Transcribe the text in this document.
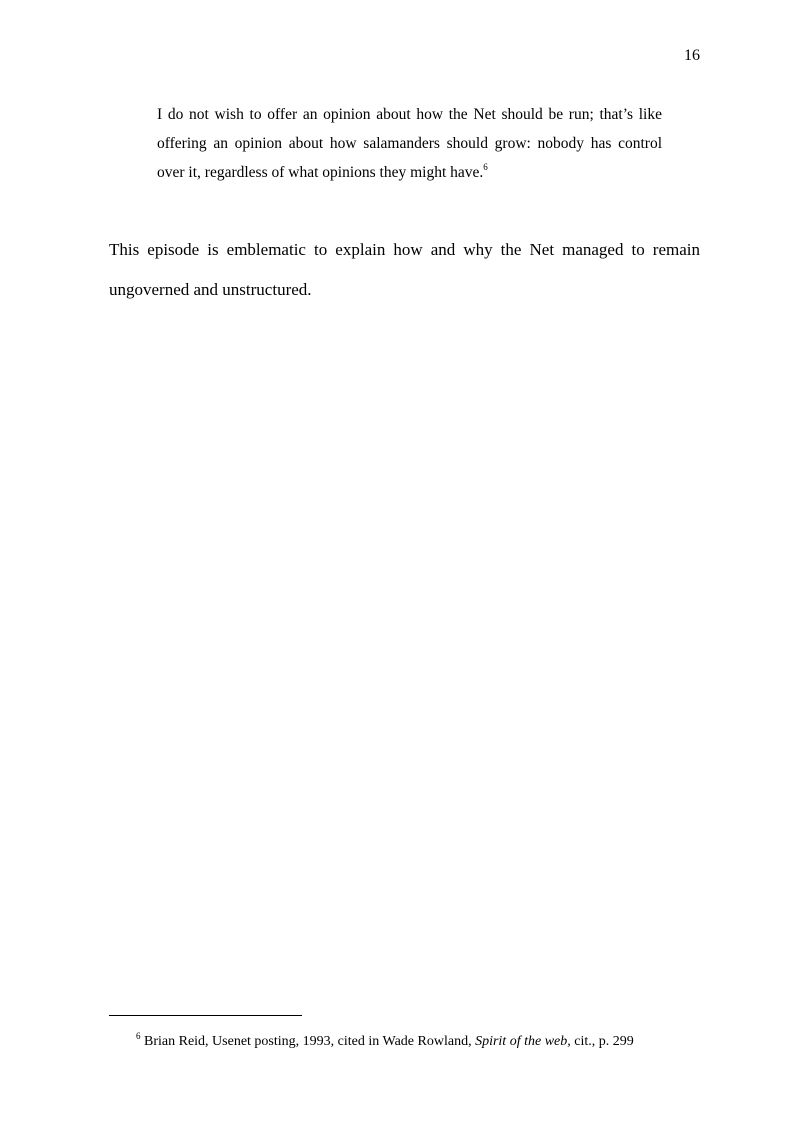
16
I do not wish to offer an opinion about how the Net should be run; that’s like
offering an opinion about how salamanders should grow: nobody has control
over it, regardless of what opinions they might have.$^6$
This episode is emblematic to explain how and why the Net managed to remain
ungoverned and unstructured.
$^6$ Brian Reid, Usenet posting, 1993, cited in Wade Rowland, Spirit of the web, cit., p. 299
